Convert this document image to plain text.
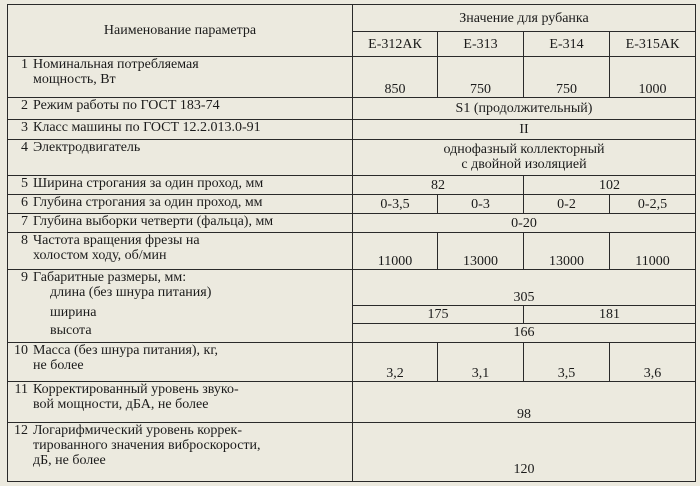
Наименование параметра	Значение для рубанка			
	Е-312АК	Е-313	Е-314	Е-315АК

1 Номинальная потребляемая
мощность, Вт	850	750	750	1000
2 Режим работы по ГОСТ 183-74	S1 (продолжительный)			
3 Класс машины по ГОСТ 12.2.013.0-91	II			
4 Электродвигатель	однофазный коллекторный
с двойной изоляцией			

5 Ширина строгания за один проход, мм	82		102	
6 Глубина строгания за один проход, мм	0-3,5	0-3	0-2	0-2,5
7 Глубина выборки четверти (фальца), мм	0-20			

8 Частота вращения фрезы на
холостом ходу, об/мин	11000	13000	13000	11000

9 Габаритные размеры, мм:
длина (без шнура питания)	305			

ширина	175		181	

высота	166			

10 Масса (без шнура питания), кг,
не более	3,2	3,1	3,5	3,6

11 Корректированный уровень звуко-
вой мощности, дБА, не более	98			

12 Логарифмический уровень коррек-
тированного значения виброскорости,
дБ, не более	120			
